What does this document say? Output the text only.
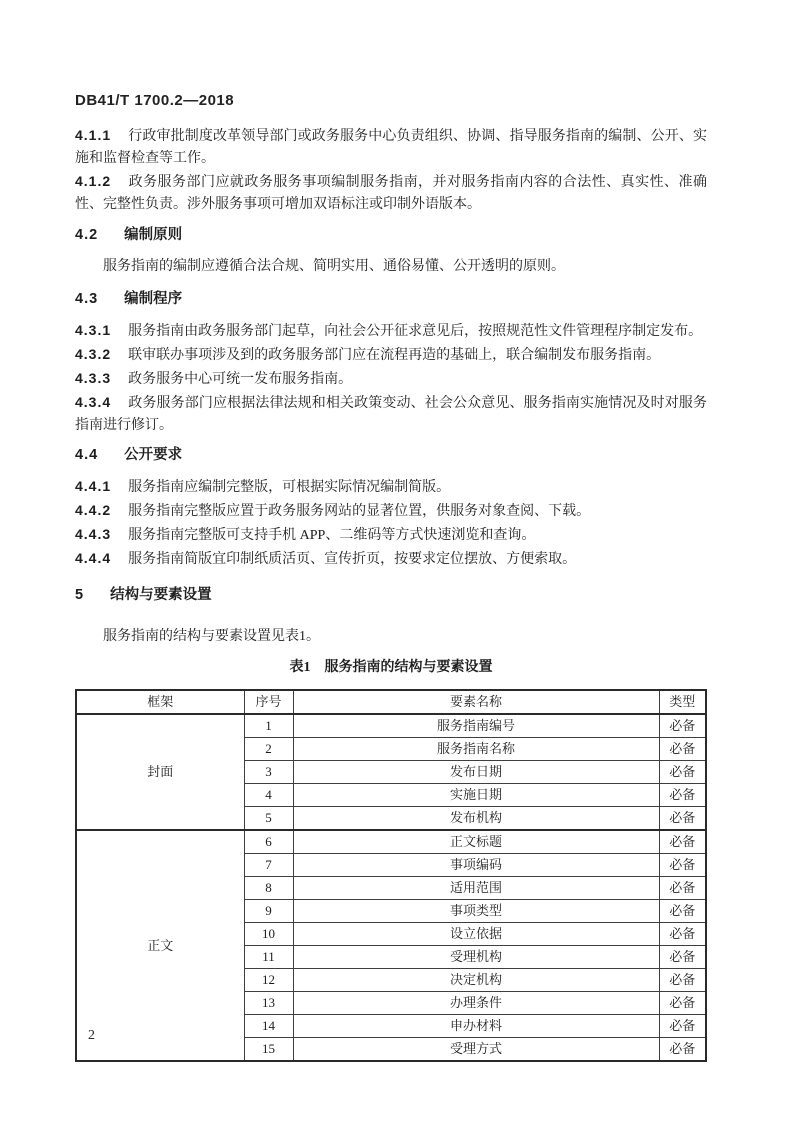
DB41/T 1700.2—2018

4.1.1 行政审批制度改革领导部门或政务服务中心负责组织、协调、指导服务指南的编制、公开、实施和监督检查等工作。

4.1.2 政务服务部门应就政务服务事项编制服务指南，并对服务指南内容的合法性、真实性、准确性、完整性负责。涉外服务事项可增加双语标注或印制外语版本。

4.2 编制原则

服务指南的编制应遵循合法合规、简明实用、通俗易懂、公开透明的原则。

4.3 编制程序

4.3.1 服务指南由政务服务部门起草，向社会公开征求意见后，按照规范性文件管理程序制定发布。

4.3.2 联审联办事项涉及到的政务服务部门应在流程再造的基础上，联合编制发布服务指南。

4.3.3 政务服务中心可统一发布服务指南。

4.3.4 政务服务部门应根据法律法规和相关政策变动、社会公众意见、服务指南实施情况及时对服务指南进行修订。

4.4 公开要求

4.4.1 服务指南应编制完整版，可根据实际情况编制简版。

4.4.2 服务指南完整版应置于政务服务网站的显著位置，供服务对象查阅、下载。

4.4.3 服务指南完整版可支持手机 APP、二维码等方式快速浏览和查询。

4.4.4 服务指南简版宜印制纸质活页、宣传折页，按要求定位摆放、方便索取。

5 结构与要素设置

服务指南的结构与要素设置见表1。

表1 服务指南的结构与要素设置
框架	序号	要素名称	类型
封面	1	服务指南编号	必备
	2	服务指南名称	必备
	3	发布日期	必备
	4	实施日期	必备
	5	发布机构	必备
正文	6	正文标题	必备
	7	事项编码	必备
	8	适用范围	必备
	9	事项类型	必备
	10	设立依据	必备
	11	受理机构	必备
	12	决定机构	必备
	13	办理条件	必备
	14	申办材料	必备
	15	受理方式	必备
2
